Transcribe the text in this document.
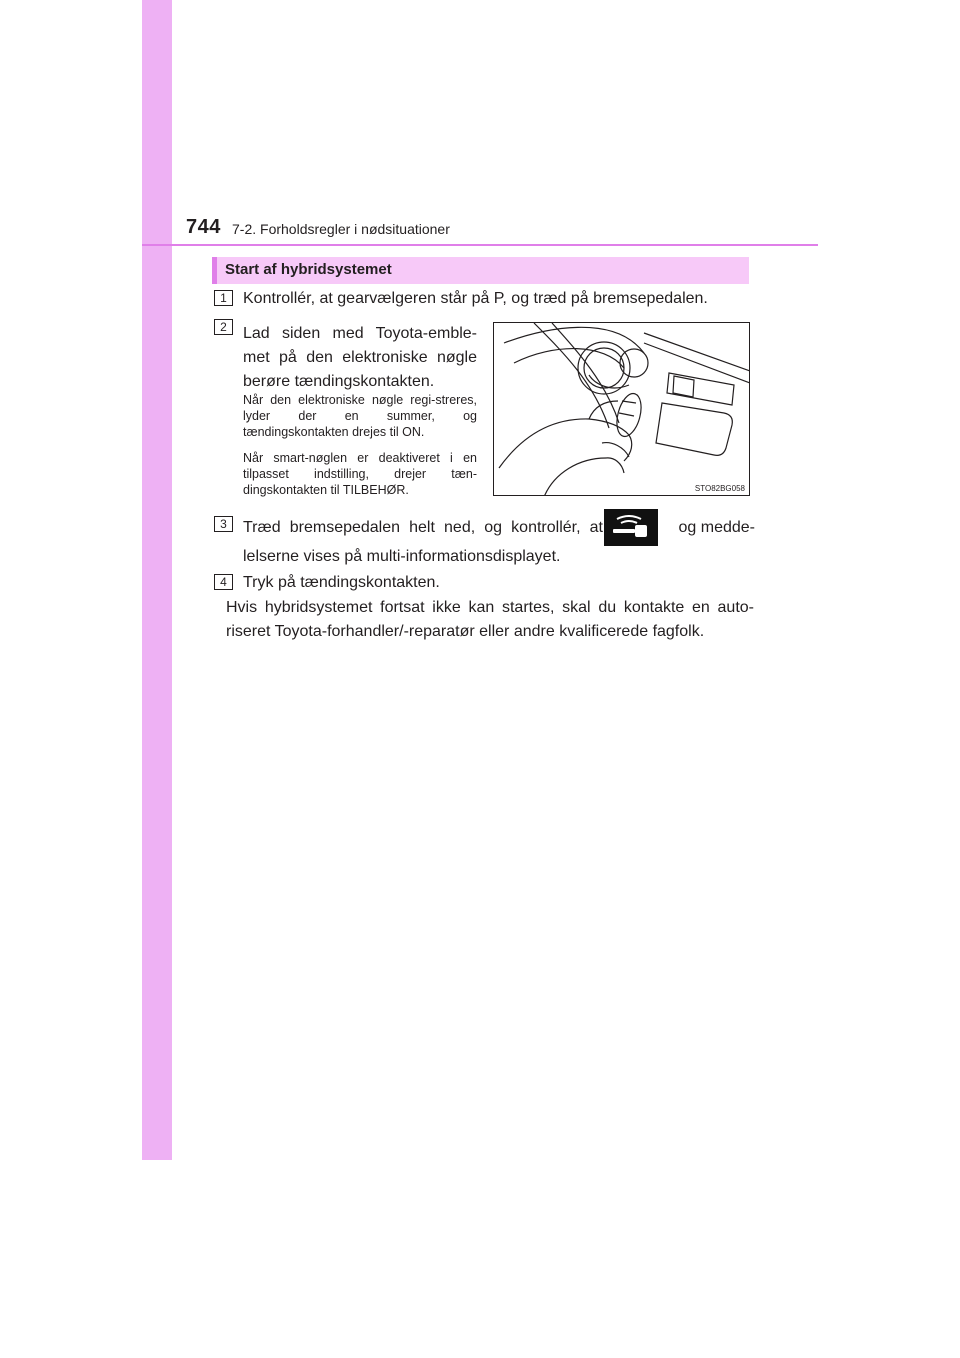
744 7-2. Forholdsregler i nødsituationer
Start af hybridsystemet
1	Kontrollér, at gearvælgeren står på P, og træd på bremsepedalen.

2	Lad siden med Toyota-emble-met på den elektroniske nøgle berøre tændingskontakten.

Når den elektroniske nøgle regi-streres, lyder der en summer, og tændingskontakten drejes til ON.

Når smart-nøglen er deaktiveret i en tilpasset indstilling, drejer tæn-dingskontakten til TILBEHØR.	STO82BG058
3	Træd bremsepedalen helt ned, og kontrollér, at	og medde-

4	Tryk på tændingskontakten.

Hvis hybridsystemet fortsat ikke kan startes, skal du kontakte en auto-riseret Toyota-forhandler/-reparatør eller andre kvalificerede fagfolk.

lelserne vises på multi-informationsdisplayet.
